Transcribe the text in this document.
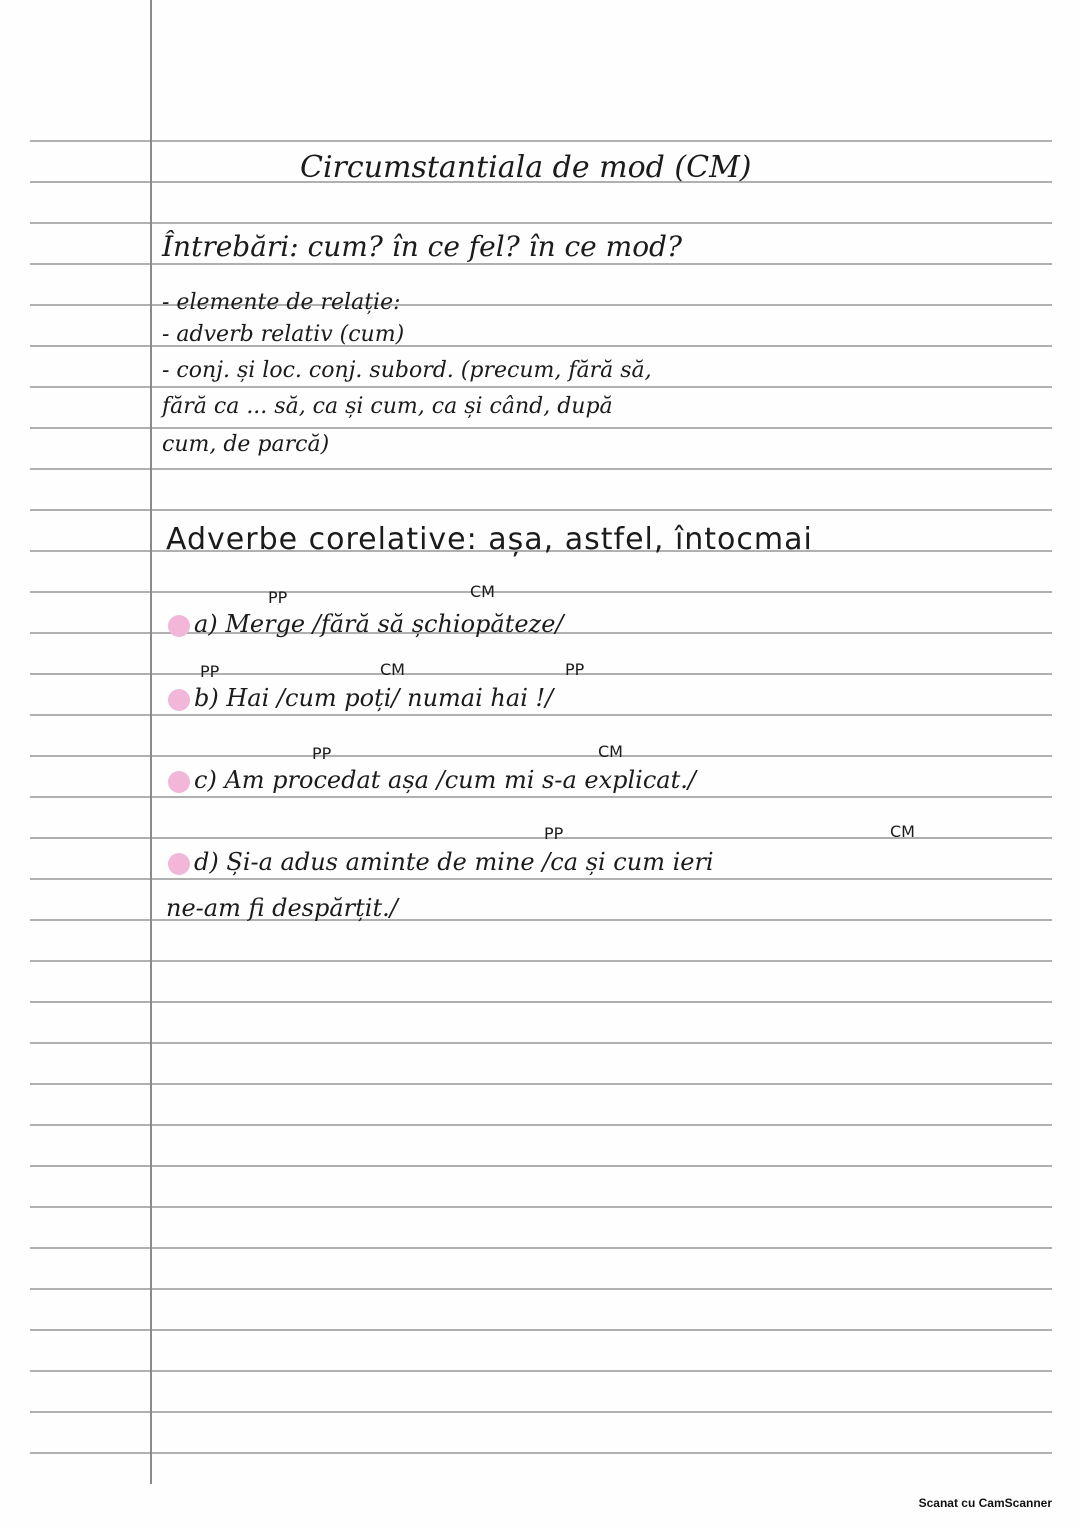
Circumstantiala de mod (CM)
Întrebări: cum? în ce fel? în ce mod?
- elemente de relație:
- adverb relativ (cum)
- conj. și loc. conj. subord. (precum, fără să,
fără ca ... să, ca și cum, ca și când, după
cum, de parcă)
Adverbe corelative: așa, astfel, întocmai
PP	CM
a) Merge /fără să șchiopăteze/
PP	CM	PP
b) Hai /cum poți/ numai hai !/
PP	CM
c) Am procedat așa /cum mi s-a explicat./
PP	CM
d) Și-a adus aminte de mine /ca și cum ieri
ne-am fi despărțit./
Scanat cu CamScanner
